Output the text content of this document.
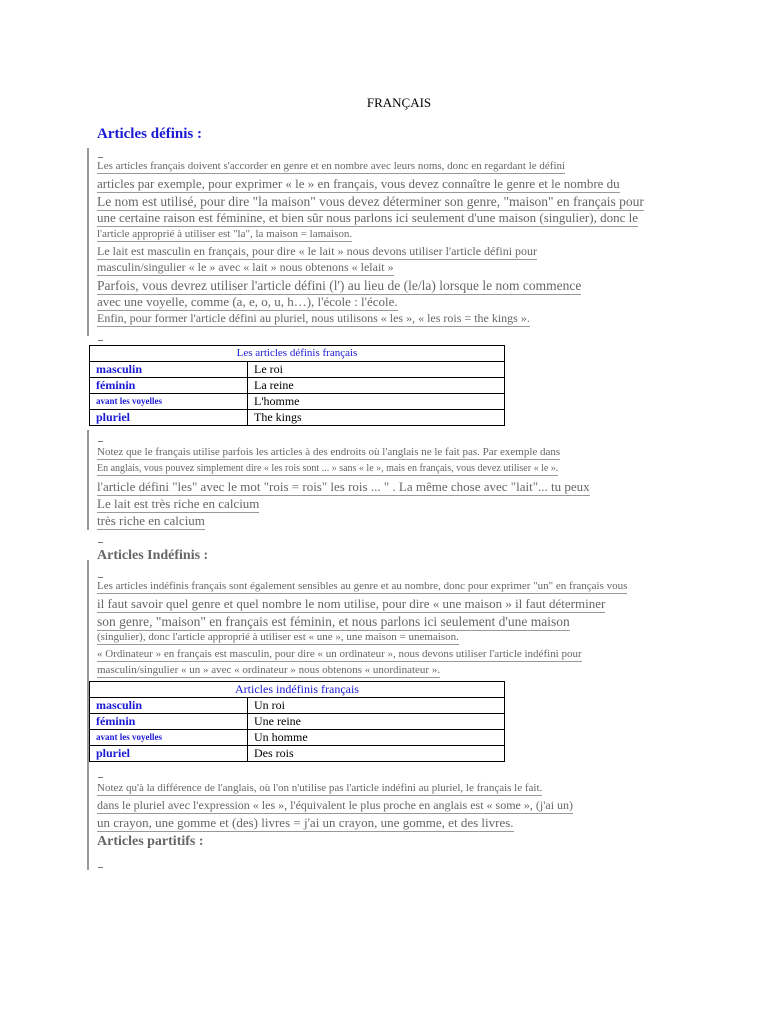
FRANÇAIS
Articles définis :
Les articles français doivent s'accorder en genre et en nombre avec leurs noms, donc en regardant le défini
articles par exemple, pour exprimer « le » en français, vous devez connaître le genre et le nombre du
Le nom est utilisé, pour dire "la maison" vous devez déterminer son genre, "maison" en français pour
une certaine raison est féminine, et bien sûr nous parlons ici seulement d'une maison (singulier), donc le
l'article approprié à utiliser est "la", la maison = lamaison.
Le lait est masculin en français, pour dire « le lait » nous devons utiliser l'article défini pour
masculin/singulier « le » avec « lait » nous obtenons « lelait »
Parfois, vous devrez utiliser l'article défini (l') au lieu de (le/la) lorsque le nom commence
avec une voyelle, comme (a, e, o, u, h…), l'école : l'école.
Enfin, pour former l'article défini au pluriel, nous utilisons « les », « les rois = the kings ».
Les articles définis français	
masculin	Le roi
féminin	La reine
avant les voyelles	L'homme
pluriel	The kings
Notez que le français utilise parfois les articles à des endroits où l'anglais ne le fait pas. Par exemple dans
En anglais, vous pouvez simplement dire « les rois sont ... » sans « le », mais en français, vous devez utiliser « le ».
l'article défini "les" avec le mot "rois = rois" les rois ... " . La même chose avec "lait"... tu peux
Le lait est très riche en calcium
très riche en calcium
Articles Indéfinis :
Les articles indéfinis français sont également sensibles au genre et au nombre, donc pour exprimer "un" en français vous
il faut savoir quel genre et quel nombre le nom utilise, pour dire « une maison » il faut déterminer
son genre, "maison" en français est féminin, et nous parlons ici seulement d'une maison
(singulier), donc l'article approprié à utiliser est « une », une maison = unemaison.
« Ordinateur » en français est masculin, pour dire « un ordinateur », nous devons utiliser l'article indéfini pour
masculin/singulier « un » avec « ordinateur » nous obtenons « unordinateur ».
Articles indéfinis français	
masculin	Un roi
féminin	Une reine
avant les voyelles	Un homme
pluriel	Des rois
Notez qu'à la différence de l'anglais, où l'on n'utilise pas l'article indéfini au pluriel, le français le fait.
dans le pluriel avec l'expression « les », l'équivalent le plus proche en anglais est « some », (j'ai un)
un crayon, une gomme et (des) livres = j'ai un crayon, une gomme, et des livres.
Articles partitifs :
